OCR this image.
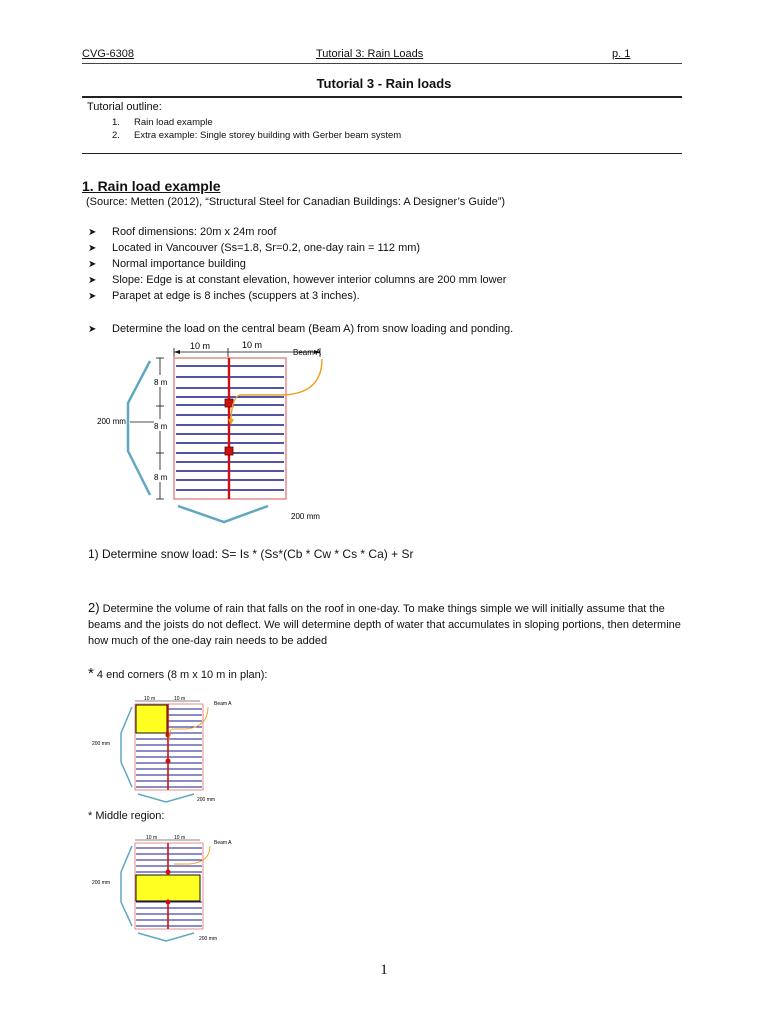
CVG-6308	Tutorial 3: Rain Loads	p. 1
Tutorial 3 - Rain loads
Tutorial outline:
1. Rain load example
2. Extra example: Single storey building with Gerber beam system
1. Rain load example
(Source: Metten (2012), “Structural Steel for Canadian Buildings: A Designer’s Guide”)
➤ Roof dimensions: 20m x 24m roof
➤ Located in Vancouver (Ss=1.8, Sr=0.2, one-day rain = 112 mm)
➤ Normal importance building
➤ Slope: Edge is at constant elevation, however interior columns are 200 mm lower
➤ Parapet at edge is 8 inches (scuppers at 3 inches).
➤ Determine the load on the central beam (Beam A) from snow loading and ponding.
10 m	10 m
Beam A
8 m
8 m
8 m
200 mm
200 mm
1) Determine snow load: S= Is * (Ss*(Cb * Cw * Cs * Ca) + Sr
2) Determine the volume of rain that falls on the roof in one-day. To make things simple we will initially assume that the beams and the joists do not deflect. We will determine depth of water that accumulates in sloping portions, then determine how much of the one-day rain needs to be added
* 4 end corners (8 m x 10 m in plan):
10 m	10 m
Beam A
200 mm
200 mm
* Middle region:
10 m	10 m
Beam A
200 mm
200 mm
1
